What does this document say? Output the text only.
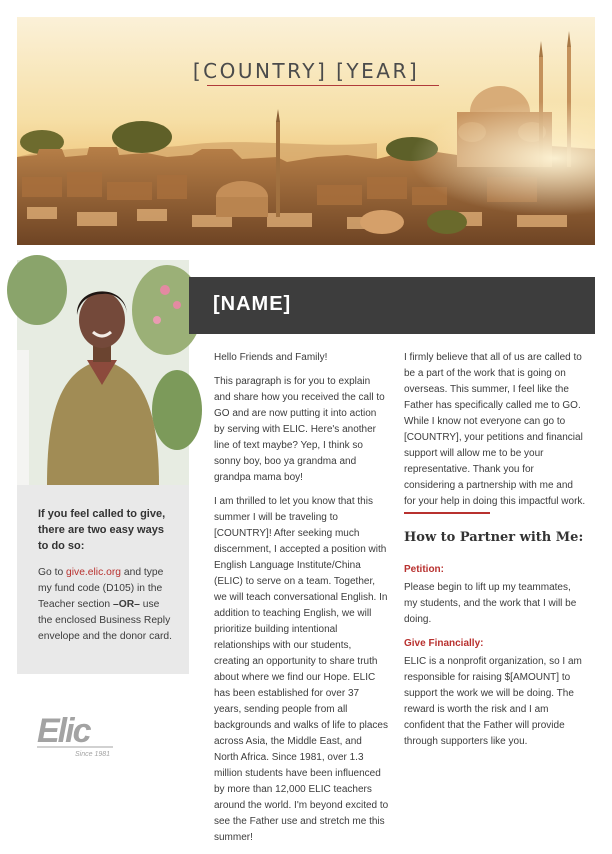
[COUNTRY] [YEAR]
If you feel called to give, there are two easy ways to do so:
Go to give.elic.org and type my fund code (D105) in the Teacher section –OR– use the enclosed Business Reply envelope and the donor card.
Elic
Since 1981
[NAME]

Hello Friends and Family!

This paragraph is for you to explain and share how you received the call to GO and are now putting it into action by serving with ELIC. Here's another line of text maybe? Yep, I think so sonny boy, boo ya grandma and grandpa mama boy!

I am thrilled to let you know that this summer I will be traveling to [COUNTRY]! After seeking much discernment, I accepted a position with English Language Institute/China (ELIC) to serve on a team. Together, we will teach conversational English. In addition to teaching English, we will prioritize building intentional relationships with our students, creating an opportunity to share truth about where we find our Hope. ELIC has been established for over 37 years, sending people from all backgrounds and walks of life to places across Asia, the Middle East, and North Africa. Since 1981, over 1.3 million students have been influenced by more than 12,000 ELIC teachers around the world. I'm beyond excited to see the Father use and stretch me this summer!

I firmly believe that all of us are called to be a part of the work that is going on overseas. This summer, I feel like the Father has specifically called me to GO. While I know not everyone can go to [COUNTRY], your petitions and financial support will allow me to be your representative. Thank you for considering a partnership with me and for your help in doing this impactful work.

How to Partner with Me:
Petition:
Please begin to lift up my teammates, my students, and the work that I will be doing.
Give Financially:
ELIC is a nonprofit organization, so I am responsible for raising $[AMOUNT] to support the work we will be doing. The reward is worth the risk and I am confident that the Father will provide through supporters like you.
